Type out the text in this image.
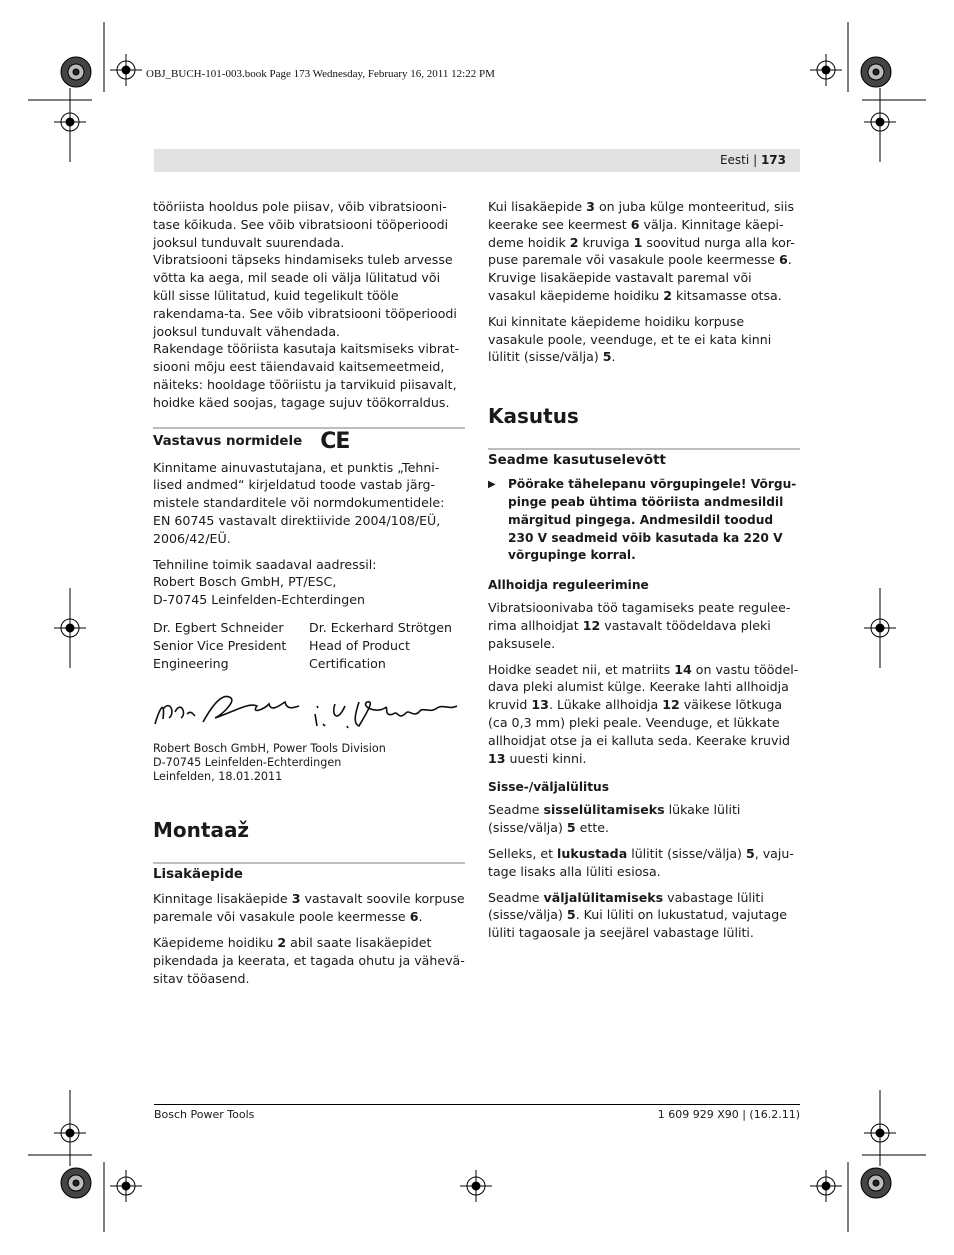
OBJ_BUCH-101-003.book Page 173 Wednesday, February 16, 2011 12:22 PM
Eesti | 173

tööriista hooldus pole piisav, võib vibratsiooni-tase kõikuda. See võib vibratsiooni tööperioodi jooksul tunduvalt suurendada.

Vibratsiooni täpseks hindamiseks tuleb arvesse võtta ka aega, mil seade oli välja lülitatud või küll sisse lülitatud, kuid tegelikult tööle rakendama-ta. See võib vibratsiooni tööperioodi jooksul tunduvalt vähendada.

Rakendage tööriista kasutaja kaitsmiseks vibrat-siooni mõju eest täiendavaid kaitsemeetmeid, näiteks: hooldage tööriistu ja tarvikuid piisavalt, hoidke käed soojas, tagage sujuv töökorraldus.

Vastavus normidele CE

Kinnitame ainuvastutajana, et punktis „Tehni-lised andmed“ kirjeldatud toode vastab järg-mistele standarditele või normdokumentidele: EN 60745 vastavalt direktiivide 2004/108/EÜ, 2006/42/EÜ.

Tehniline toimik saadaval aadressil:

Robert Bosch GmbH, PT/ESC,

D-70745 Leinfelden-Echterdingen

Dr. Egbert Schneider
Senior Vice President
Engineering
Dr. Eckerhard Strötgen
Head of Product
Certification
Robert Bosch GmbH, Power Tools Division
D-70745 Leinfelden-Echterdingen
Leinfelden, 18.01.2011
Montaaž
Lisakäepide

Kinnitage lisakäepide 3 vastavalt soovile korpuse paremale või vasakule poole keermesse 6.

Käepideme hoidiku 2 abil saate lisakäepidet pikendada ja keerata, et tagada ohutu ja väheväsitav tööasend.

Kui lisakäepide 3 on juba külge monteeritud, siis keerake see keermest 6 välja. Kinnitage käepi-deme hoidik 2 kruviga 1 soovitud nurga alla kor-puse paremale või vasakule poole keermesse 6. Kruvige lisakäepide vastavalt paremal või vasakul käepideme hoidiku 2 kitsamasse otsa.

Kui kinnitate käepideme hoidiku korpuse vasakule poole, veenduge, et te ei kata kinni lülitit (sisse/välja) 5.

Kasutus
Seadme kasutuselevõtt
▶	Pöörake tähelepanu võrgupingele! Võrgu-pinge peab ühtima tööriista andmesildil märgitud pingega. Andmesildil toodud 230 V seadmeid võib kasutada ka 220 V võrgupinge korral.
Allhoidja reguleerimine

Vibratsioonivaba töö tagamiseks peate regulee-rima allhoidjat 12 vastavalt töödeldava pleki paksusele.

Hoidke seadet nii, et matriits 14 on vastu töödel-dava pleki alumist külge. Keerake lahti allhoidja kruvid 13. Lükake allhoidja 12 väikese lõtkuga (ca 0,3 mm) pleki peale. Veenduge, et lükkate allhoidjat otse ja ei kalluta seda. Keerake kruvid 13 uuesti kinni.

Sisse-/väljalülitus

Seadme sisselülitamiseks lükake lüliti (sisse/välja) 5 ette.

Selleks, et lukustada lülitit (sisse/välja) 5, vaju-tage lisaks alla lüliti esiosa.

Seadme väljalülitamiseks vabastage lüliti (sisse/välja) 5. Kui lüliti on lukustatud, vajutage lüliti tagaosale ja seejärel vabastage lüliti.

Bosch Power Tools	1 609 929 X90 | (16.2.11)
